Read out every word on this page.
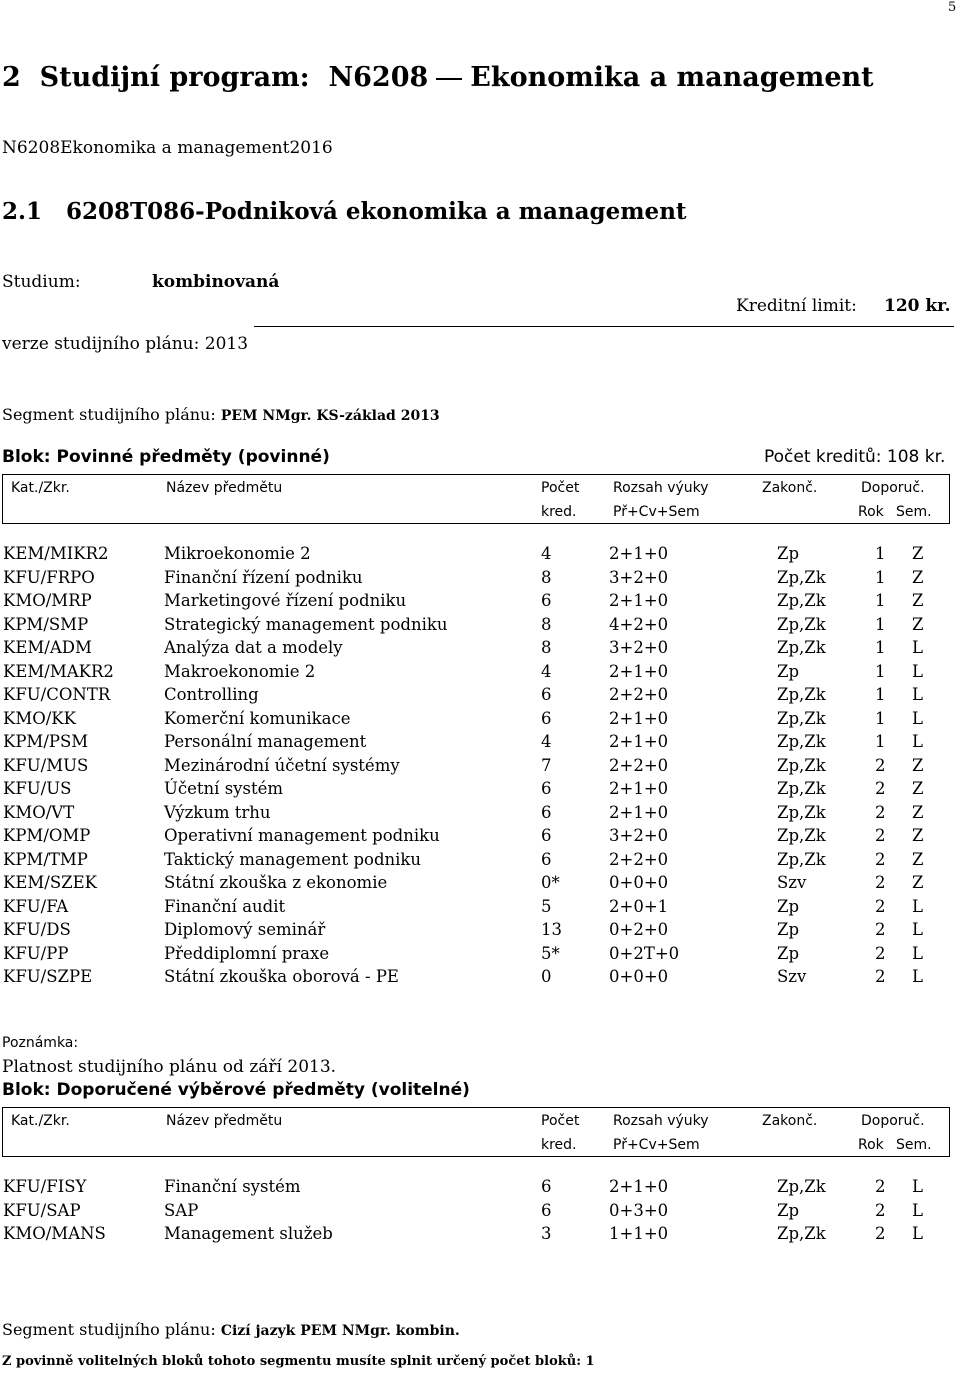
5
2 Studijní program: N6208 Ekonomika a management
N6208Ekonomika a management2016
2.1 6208T086-Podniková ekonomika a management
Studium:	kombinovaná
Kreditní limit: 120 kr.
verze studijního plánu: 2013
Segment studijního plánu: PEM NMgr. KS-základ 2013
Blok: Povinné předměty (povinné)	Počet kreditů: 108 kr.
Kat./Zkr.	Název předmětu	Počet
kred.
Rozsah výuky
Př+Cv+Sem
Zakonč.	Doporuč.
Rok Sem.
KEM/MIKR2	Mikroekonomie 2	4	2+1+0	Zp	1 Z
KFU/FRPO	Finanční řízení podniku	8	3+2+0	Zp,Zk	1 Z
KMO/MRP	Marketingové řízení podniku	6	2+1+0	Zp,Zk	1 Z
KPM/SMP	Strategický management podniku	8	4+2+0	Zp,Zk	1 Z
KEM/ADM	Analýza dat a modely	8	3+2+0	Zp,Zk	1 L
KEM/MAKR2	Makroekonomie 2	4	2+1+0	Zp	1 L
KFU/CONTR	Controlling	6	2+2+0	Zp,Zk	1 L
KMO/KK	Komerční komunikace	6	2+1+0	Zp,Zk	1 L
KPM/PSM	Personální management	4	2+1+0	Zp,Zk	1 L
KFU/MUS	Mezinárodní účetní systémy	7	2+2+0	Zp,Zk	2 Z
KFU/US	Účetní systém	6	2+1+0	Zp,Zk	2 Z
KMO/VT	Výzkum trhu	6	2+1+0	Zp,Zk	2 Z
KPM/OMP	Operativní management podniku	6	3+2+0	Zp,Zk	2 Z
KPM/TMP	Taktický management podniku	6	2+2+0	Zp,Zk	2 Z
KEM/SZEK	Státní zkouška z ekonomie	0*	0+0+0	Szv	2 Z
KFU/FA	Finanční audit	5	2+0+1	Zp	2 L
KFU/DS	Diplomový seminář	13	0+2+0	Zp	2 L
KFU/PP	Předdiplomní praxe	5*	0+2T+0	Zp	2 L
KFU/SZPE	Státní zkouška oborová - PE	0	0+0+0	Szv	2 L
Poznámka:
Platnost studijního plánu od září 2013.
Blok: Doporučené výběrové předměty (volitelné)
Kat./Zkr.	Název předmětu	Počet
kred.
Rozsah výuky
Př+Cv+Sem
Zakonč.	Doporuč.
Rok Sem.
KFU/FISY	Finanční systém	6	2+1+0	Zp,Zk	2 L
KFU/SAP	SAP	6	0+3+0	Zp	2 L
KMO/MANS	Management služeb	3	1+1+0	Zp,Zk	2 L
Segment studijního plánu: Cizí jazyk PEM NMgr. kombin.
Z povinně volitelných bloků tohoto segmentu musíte splnit určený počet bloků: 1
